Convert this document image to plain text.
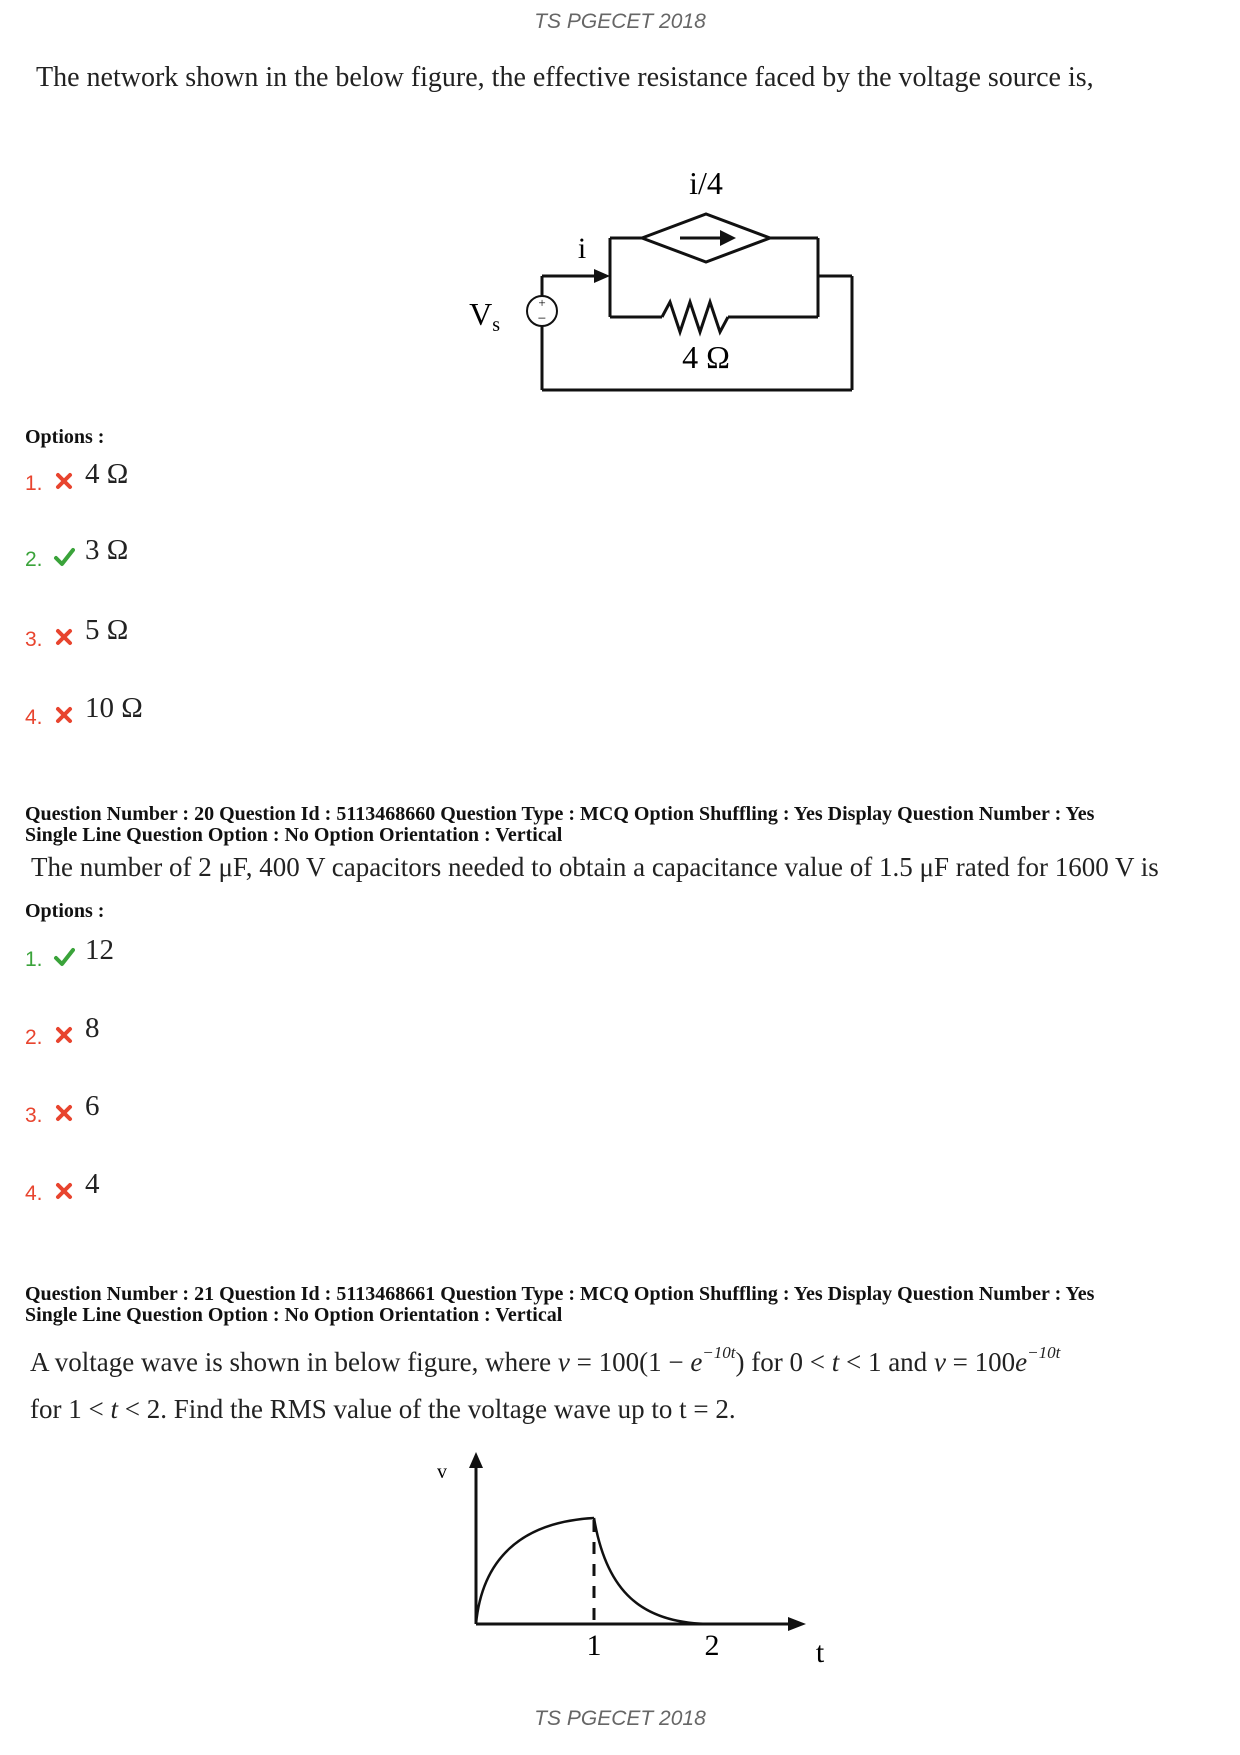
TS PGECET 2018
The network shown in the below figure, the effective resistance faced by the voltage source is,
+
−
Vs
i
i/4
4 Ω
Options :
1. 4 Ω
2. 3 Ω
3. 5 Ω
4. 10 Ω
Question Number : 20 Question Id : 5113468660 Question Type : MCQ Option Shuffling : Yes Display Question Number : Yes
Single Line Question Option : No Option Orientation : Vertical
The number of 2 μF, 400 V capacitors needed to obtain a capacitance value of 1.5 μF rated for 1600 V is
Options :
1. 12
2. 8
3. 6
4. 4
Question Number : 21 Question Id : 5113468661 Question Type : MCQ Option Shuffling : Yes Display Question Number : Yes
Single Line Question Option : No Option Orientation : Vertical
A voltage wave is shown in below figure, where $v = 100(1 - e^{-10t})$ for 0 < t < 1 and $v = 100e^{-10t}$
for 1 < t < 2. Find the RMS value of the voltage wave up to t = 2.
v
t
1	2
TS PGECET 2018
